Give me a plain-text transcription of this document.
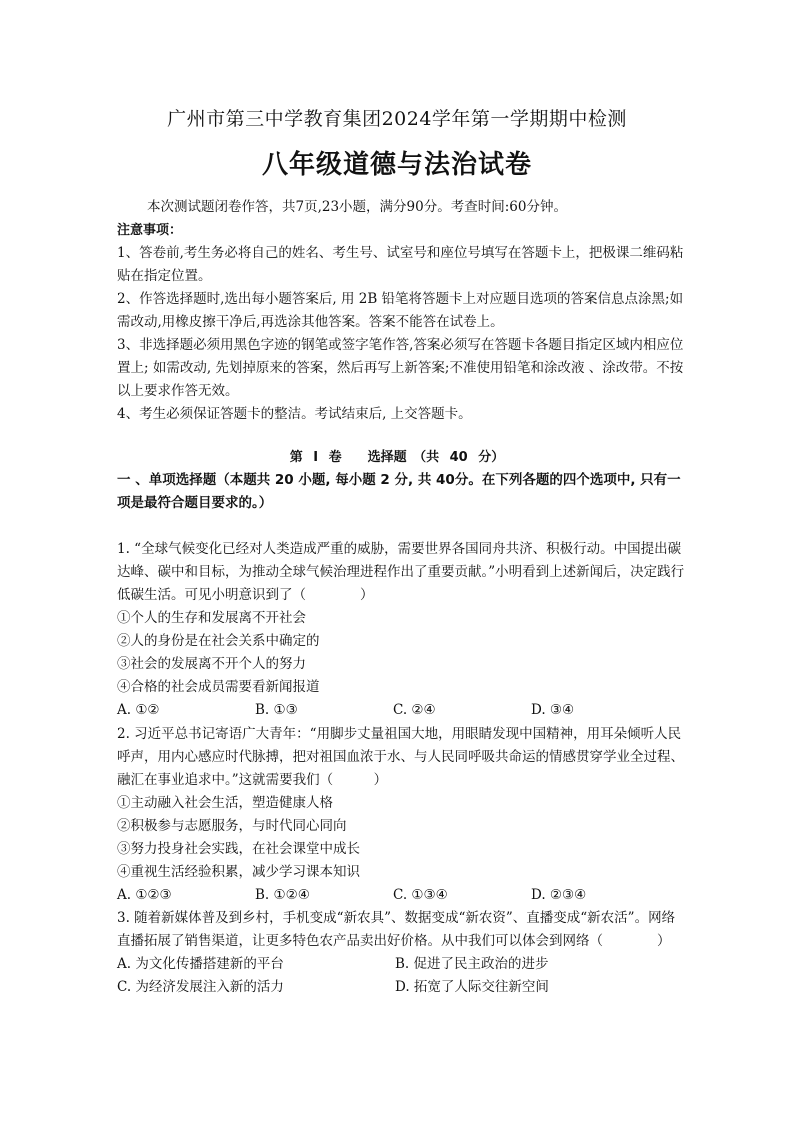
广州市第三中学教育集团2024学年第一学期期中检测
八年级道德与法治试卷
本次测试题闭卷作答，共7页,23小题，满分90分。考查时间:60分钟。
注意事项：

1、答卷前,考生务必将自己的姓名、考生号、试室号和座位号填写在答题卡上，把极课二维码粘贴在指定位置。

2、作答选择题时,选出每小题答案后, 用 2B 铅笔将答题卡上对应题目选项的答案信息点涂黑;如需改动,用橡皮擦干净后,再选涂其他答案。答案不能答在试卷上。

3、非选择题必须用黑色字迹的钢笔或签字笔作答,答案必须写在答题卡各题目指定区域内相应位置上; 如需改动, 先划掉原来的答案，然后再写上新答案;不准使用铅笔和涂改液 、涂改带。不按以上要求作答无效。

4、考生必须保证答题卡的整洁。考试结束后, 上交答题卡。

第 I 卷　　选择题　（共 40 分）
一 、单项选择题（本题共 20 小题, 每小题 2 分, 共 40分。在下列各题的四个选项中, 只有一项是最符合题目要求的。）

1. “全球气候变化已经对人类造成严重的威胁，需要世界各国同舟共济、积极行动。中国提出碳达峰、碳中和目标，为推动全球气候治理进程作出了重要贡献。”小明看到上述新闻后，决定践行低碳生活。可见小明意识到了（　　　　）

①个人的生存和发展离不开社会

②人的身份是在社会关系中确定的

③社会的发展离不开个人的努力

④合格的社会成员需要看新闻报道

A. ①②	B. ①③	C. ②④	D. ③④

2. 习近平总书记寄语广大青年：“用脚步丈量祖国大地，用眼睛发现中国精神，用耳朵倾听人民呼声，用内心感应时代脉搏，把对祖国血浓于水、与人民同呼吸共命运的情感贯穿学业全过程、融汇在事业追求中。”这就需要我们（　　　）

①主动融入社会生活，塑造健康人格

②积极参与志愿服务，与时代同心同向

③努力投身社会实践，在社会课堂中成长

④重视生活经验积累，减少学习课本知识

A. ①②③	B. ①②④	C. ①③④	D. ②③④

3. 随着新媒体普及到乡村，手机变成“新农具”、数据变成“新农资”、直播变成“新农活”。网络直播拓展了销售渠道，让更多特色农产品卖出好价格。从中我们可以体会到网络（　　　　）

A. 为文化传播搭建新的平台	B. 促进了民主政治的进步
C. 为经济发展注入新的活力	D. 拓宽了人际交往新空间
